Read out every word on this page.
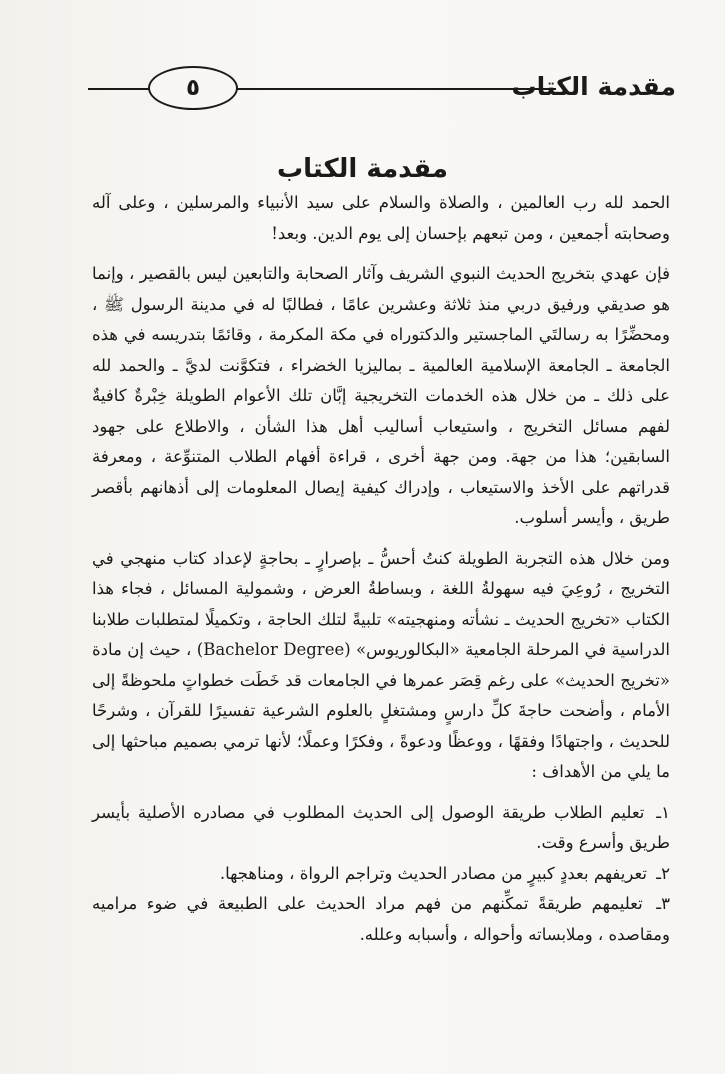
٥	مقدمة الكتاب
مقدمة الكتاب

الحمد لله رب العالمين ، والصلاة والسلام على سيد الأنبياء والمرسلين ، وعلى آله وصحابته أجمعين ، ومن تبعهم بإحسان إلى يوم الدين. وبعد!

فإن عهدي بتخريج الحديث النبوي الشريف وآثار الصحابة والتابعين ليس بالقصير ، وإنما هو صديقي ورفيق دربي منذ ثلاثة وعشرين عامًا ، فطالبًا له في مدينة الرسول ﷺ ، ومحضِّرًا به رسالتَي الماجستير والدكتوراه في مكة المكرمة ، وقائمًا بتدريسه في هذه الجامعة ـ الجامعة الإسلامية العالمية ـ بماليزيا الخضراء ، فتكوَّنت لديَّ ـ والحمد لله على ذلك ـ من خلال هذه الخدمات التخريجية إبَّان تلك الأعوام الطويلة خِبْرةٌ كافيةٌ لفهم مسائل التخريج ، واستيعاب أساليب أهل هذا الشأن ، والاطلاع على جهود السابقين؛ هذا من جهة. ومن جهة أخرى ، قراءة أفهام الطلاب المتنوِّعة ، ومعرفة قدراتهم على الأخذ والاستيعاب ، وإدراك كيفية إيصال المعلومات إلى أذهانهم بأقصر طريق ، وأيسر أسلوب.

ومن خلال هذه التجربة الطويلة كنتُ أحسُّ ـ بإصرارٍ ـ بحاجةٍ لإعداد كتاب منهجي في التخريج ، رُوعِيَ فيه سهولةُ اللغة ، وبساطةُ العرض ، وشمولية المسائل ، فجاء هذا الكتاب «تخريج الحديث ـ نشأته ومنهجيته» تلبيةً لتلك الحاجة ، وتكميلًا لمتطلبات طلابنا الدراسية في المرحلة الجامعية «البكالوريوس» (Bachelor Degree) ، حيث إن مادة «تخريج الحديث» على رغم قِصَر عمرها في الجامعات قد خَطَت خطواتٍ ملحوظةً إلى الأمام ، وأضحت حاجةَ كلِّ دارسٍ ومشتغلٍ بالعلوم الشرعية تفسيرًا للقرآن ، وشرحًا للحديث ، واجتهادًا وفقهًا ، ووعظًا ودعوةً ، وفكرًا وعملًا؛ لأنها ترمي بصميم مباحثها إلى ما يلي من الأهداف :

١ـ تعليم الطلاب طريقة الوصول إلى الحديث المطلوب في مصادره الأصلية بأيسر طريق وأسرع وقت.

٢ـ تعريفهم بعددٍ كبيرٍ من مصادر الحديث وتراجم الرواة ، ومناهجها.

٣ـ تعليمهم طريقةً تمكِّنهم من فهم مراد الحديث على الطبيعة في ضوء مراميه ومقاصده ، وملابساته وأحواله ، وأسبابه وعلله.
